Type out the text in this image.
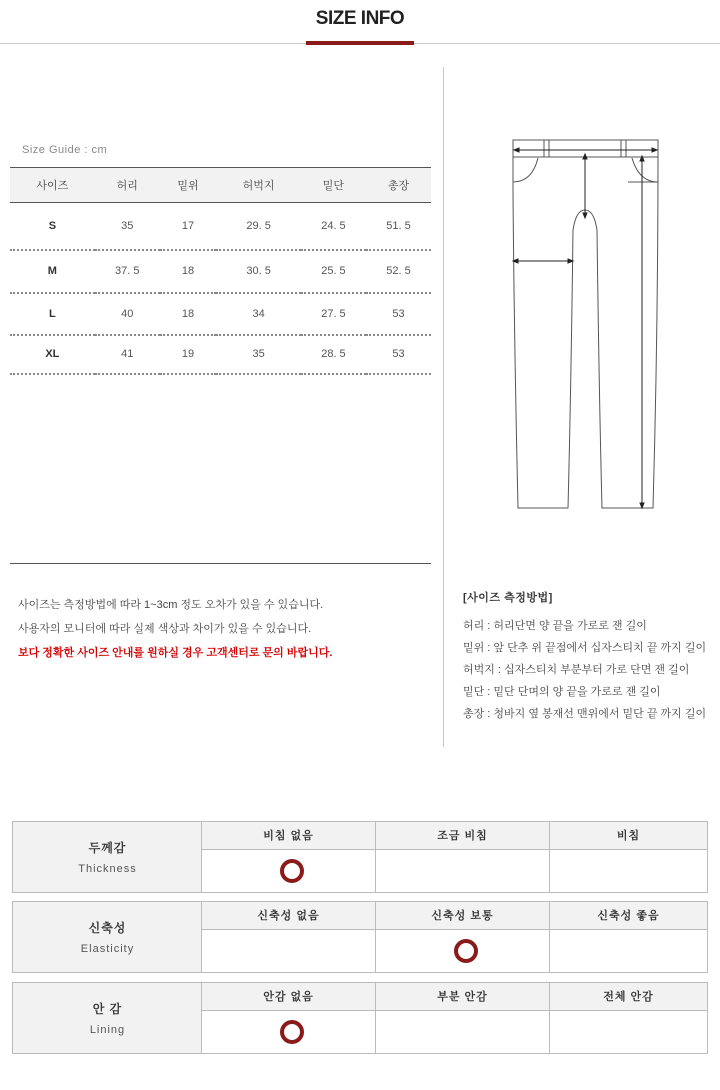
SIZE INFO
Size Guide : cm
사이즈	허리	밑위	허벅지	밑단	총장
S	35	17	29. 5	24. 5	51. 5
M	37. 5	18	30. 5	25. 5	52. 5
L	40	18	34	27. 5	53
XL	41	19	35	28. 5	53

사이즈는 측정방법에 따라 1~3cm 정도 오차가 있을 수 있습니다.

사용자의 모니터에 따라 실제 색상과 차이가 있을 수 있습니다.

보다 정확한 사이즈 안내를 원하실 경우 고객센터로 문의 바랍니다.

[사이즈 측정방법]

허리 : 허리단면 양 끝을 가로로 잰 길이

밑위 : 앞 단추 위 끝점에서 십자스티치 끝 까지 길이

허벅지 : 십자스티치 부분부터 가로 단면 잰 길이

밑단 : 밑단 단며의 양 끝을 가로로 잰 길이

총장 : 청바지 옆 봉재선 맨위에서 밑단 끝 까지 길이

두께감
Thickness
비침 없음	조금 비침	비침
신축성
Elasticity
신축성 없음	신축성 보통	신축성 좋음
안 감
Lining
안감 없음	부분 안감	전체 안감
